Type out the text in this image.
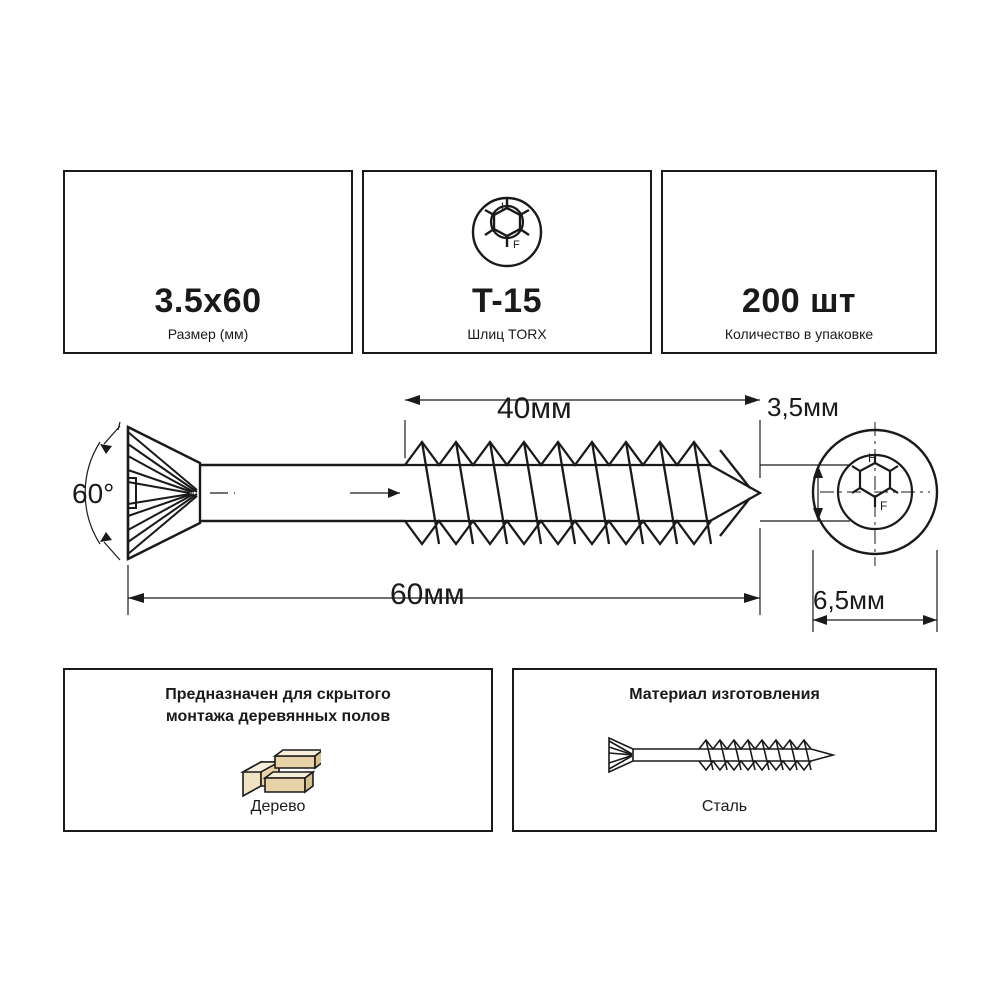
3.5x60
Размер (мм)
H
F
T-15
Шлиц TORX
200 шт
Количество в упаковке
H
F
40мм	3,5мм
60мм	6,5мм
60°
Предназначен для скрытого
монтажа деревянных полов
Дерево
Материал изготовления
Сталь
